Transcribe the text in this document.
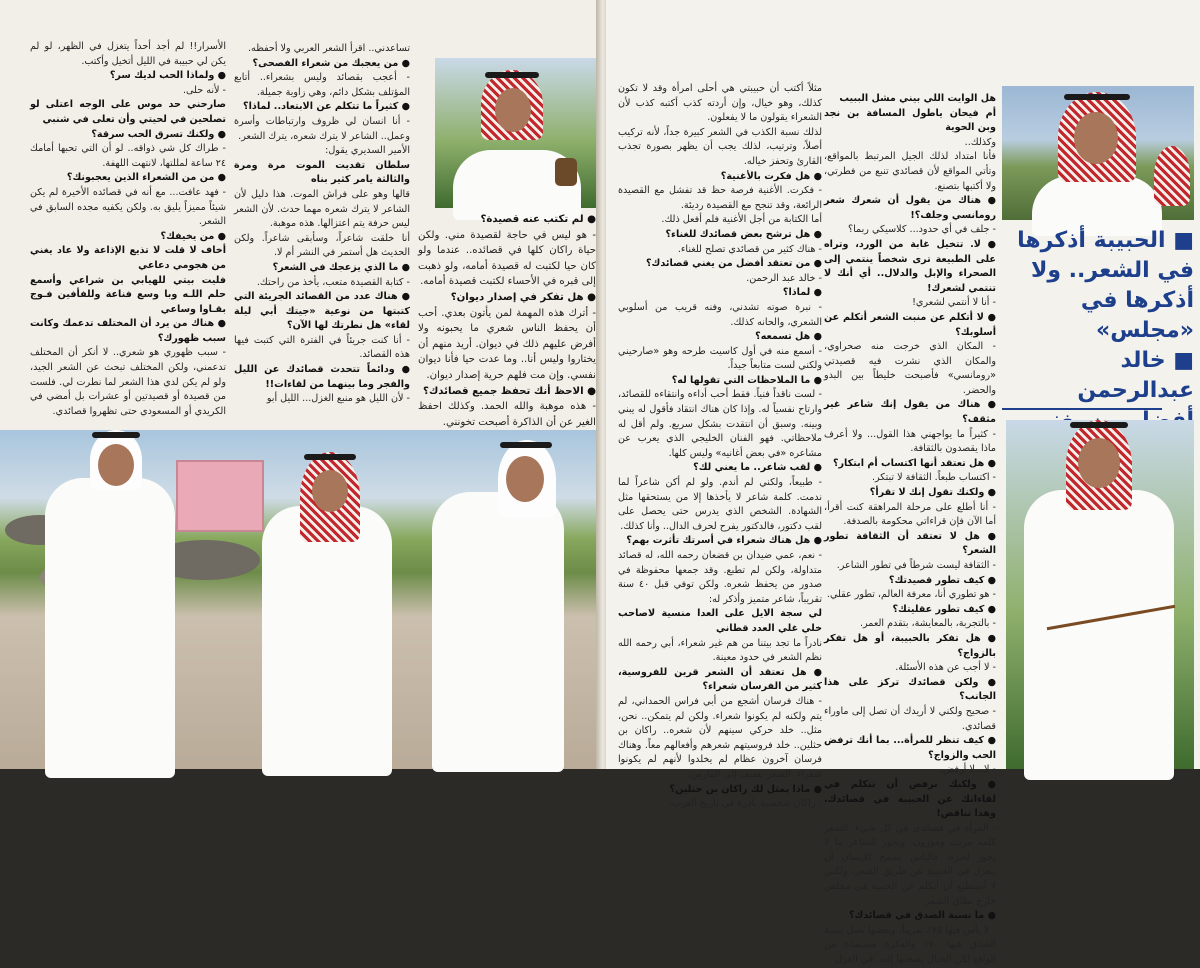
● لم تكتب عنه قصيدة؟

- هو ليس في حاجة لقصيدة مني. ولكن حياة راكان كلها في قصائده.. عندما ولو كان حيا لكتبت له قصيدة أمامه، ولو ذهبت إلى قبره في الأحساء لكتبت قصيدة أمامه.

● هل تفكر في إصدار ديوان؟

- أترك هذه المهمة لمن يأتون بعدي. أحب أن يحفظ الناس شعري ما يحبونه ولا أفرض عليهم ذلك في ديوان. أريد منهم أن يختاروا وليس أنا.. وما عدت حيا فأنا ديوان نفسي. وإن مت فلهم حرية إصدار ديوان.

● الاحظ أنك تحفظ جميع قصائدك؟

- هذه موهبة والله الحمد. وكذلك احفظ الغير عن أن الذاكرة أصبحت تخونني.

تساعدني.. اقرأ الشعر العربي ولا أحفظه.

● من يعجبك من شعراء الفصحى؟

- أعجب بقصائد وليس بشعراء.. أتابع المؤتلف بشكل دائم، وهي زاوية جميلة.

● كثيراً ما تتكلم عن الابتعاد.. لماذا؟

- أنا انسان لي ظروف وارتباطات وأسرة وعمل.. الشاعر لا يترك شعره، يترك الشعر.

الأمير السديري يقول:

سلطان تقديت الموت مرة ومرة والثالثة يامر كثير بناه

قالها وهو على فراش الموت. هذا دليل لأن الشاعر لا يترك شعره مهما حدث. لأن الشعر ليس حرفة يتم اعتزالها. هذه موهبة.

أنا خلقت شاعراً، وسأبقى شاعراً. ولكن الحديث هل أستمر في النشر أم لا.

● ما الذي يزعجك في الشعر؟

- كتابة القصيدة متعب، يأخذ من راحتك.

● هناك عدد من القصائد الجريئة التي كتبتها من نوعية «جيتك أبي ليلة لقاء» هل نطرتك لها الآن؟

- أنا كنت جريئاً في الفترة التي كتبت فيها هذه القصائد.

● ودائماً تتحدث قصائدك عن الليل والفجر وما بينهما من لقاءات!!

- لأن الليل هو منبع الغزل... الليل أبو

الأسرار!! لم أجد أحداً يتغزل في الظهر، لو لم يكن لي حبيبة في الليل أتخيل وأكتب.

● ولماذا الحب لديك سر؟

- لأنه حلى.

صارحني حد موس على الوجه اعتلى لو تصلحين في لحيتي وأن تعلى في شنبي

● ولكنك تسرق الحب سرقة؟

- طراك كل شي ذواقه.. لو أن التي تحبها أمامك ٢٤ ساعة لمللتها، لانتهت اللهفة.

● من من الشعراء الذين يعجبونك؟

- فهد عافت... مع أنه في قصائده الأخيرة لم يكن شيئاً مميزاً يليق به. ولكن يكفيه مجده السابق في الشعر.

● من يخيفك؟

أخاف لا قلت لا تذيع الإذاعة ولا عاد يغني من هجومي دعاعي

فليت بيتي للهيابي بن شراعي وأسمع حلم اللـه وبا وسع فناعة وللفأفين فـوج بقـاوا وساعي

● هناك من يرد أن المختلف تدعمك وكانت سبب ظهورك؟

- سبب ظهوري هو شعري.. لا أنكر أن المختلف تدعمني، ولكن المختلف تبحث عن الشعر الجيد، ولو لم يكن لدي هذا الشعر لما نطرت لي. فلست من قصيدة أو قصيدتين أو عشرات بل أمضي في الكريدي أو المسعودي حتى تظهروا قصائدي.

مثلاً أكتب أن حبيبتي هي أحلى امرأة وقد لا تكون كذلك، وهو خيال، وإن أردته كذب أكتبه كذب لأن الشعراء يقولون ما لا يفعلون.

لذلك نسبة الكذب في الشعر كبيرة جداً، لأنه تركيب أصلاً، وترتيب، لذلك يجب أن يظهر بصورة تجذب القارئ وتحفز خياله.

● هل فكرت بالأغنية؟

- فكرت. الأغنية فرصة حظ قد تفشل مع القصيدة الرائعة، وقد تنجح مع القصيدة رديئة.

أما الكتابة من أجل الأغنية فلم أفعل ذلك.

● هل ترشح بعض قصائدك للغناء؟

- هناك كثير من قصائدي تصلح للغناء.

● من تعتقد أفضل من يغني قصائدك؟

- خالد عبد الرحمن.

● لماذا؟

- نبرة صوته تشدني، وفنه قريب من أسلوبي الشعري، والحانه كذلك.

● هل تسمعه؟

- أسمع منه في أول كاسيت طرحه وهو «صارحيني ولكني لست متابعاً جيداً.

● ما الملاحظات التي تقولها له؟

- لست ناقداً فنياً. فقط أحب أداءه وانتقاءه للقصائد، وارتاح نفسياً له. وإذا كان هناك انتقاد فأقول له يبني وبينه. وسبق أن انتقدت بشكل سريع. ولم أقل له ملاحظاتي. فهو الفنان الخليجي الذي يعرب عن مشاعره «في بعض أغانيه» وليس كلها.

● لقب شاعر.. ما يعني لك؟

- طبيعاً، ولكني لم أندم. ولو لم أكن شاعراً لما ندمت. كلمة شاعر لا يأخذها إلا من يستحقها مثل الشهادة. الشخص الذي يدرس حتى يحصل على لقب دكتور، فالدكتور يفرح لحرف الدال.. وأنا كذلك.

● هل هناك شعراء في أسرتك تأثرت بهم؟

- نعم، عمي ضيدان بن قضعان رحمه الله، له قصائد متداولة، ولكن لم تطبع. وقد جمعها محفوظة في صدور من يحفظ شعره. ولكن توفي قبل ٤٠ سنة تقريباً، شاعر متميز وأذكر له:

لي سجة الايل على العدا منسية لاصاحب خلي غلي العدد قطاني

نادراً ما تجد بيتنا من هم غير شعراء، أبي رحمه الله نظم الشعر في حدود معينة.

● هل تعتقد أن الشعر قرين للفروسية، كثير من الفرسان شعراء؟

- هناك فرسان أشجع من أبي فراس الحمداني، لم يتم ولكنه لم يكونوا شعراء. ولكن لم يتمكن.. نحن، مثل.. خلد حركي سينهم لأن شعره.. راكان بن حثلين.. خلد فروسيتهم شعرهم وأفعالهم معاً. وهناك فرسان آخرون عظام لم يخلدوا لأنهم لم يكونوا شعراء. الشعر يضيف إلى الفارس.

● ماذا يمثل لك راكان بن حثلين؟

- راكان شخصية نادرة في تاريخ العرب،

هل الوايت اللي بيني مشل الببيب

أم فيحان ياطول المسافة بن نجد وبن الحوية

وكذلك..

فأنا امتداد لذلك الجيل المرتبط بالمواقع، وتأتي المواقع لأن قصائدي تنبع من فطرتي، ولا أكتبها بتصنع.

● هناك من يقول أن شعرك شعر رومانسي وجلف؟!

- جلف في أي حدود... كلاسيكي ربما؟

● لا. تتخيل غابة من الورد، وتراه على الطبيعة ترى شخصاً ينتمي إلى الصحراء والإبل والدلال.. أي أنك لا تنتمي لشعرك!

- أنا لا أنتمي لشعري!

● لا أتكلم عن منبت الشعر أتكلم عن أسلوبك؟

- المكان الذي خرجت منه صحراوي، والمكان الذي نشرت فيه قصيدتي «رومانسي» فأصبحت خليطاً بين البدو والحضر.

● هناك من يقول إنك شاعر غير مثقف؟

- كثيراً ما يواجهني هذا القول... ولا أعرف ماذا يقصدون بالثقافة.

● هل تعتقد أنها اكتساب أم ابتكار؟

- اكتساب طبعاً. الثقافة لا تبتكر.

● ولكنك تقول إنك لا تقرأ؟

- أنا أطلع على مرحلة المراهقة كنت أقرأ، أما الآن فإن قراءاتي محكومة بالصدفة.

● هل لا تعتقد أن الثقافة تطور الشعر؟

- الثقافة ليست شرطاً في تطور الشاعر.

● كيف تطور قصيدتك؟

- هو تطوري أنا، معرفة العالم، تطور عقلي.

● كيف تطور عقليتك؟

- بالتجربة، بالمعايشة، بتقدم العمر.

● هل تفكر بالحبيبة، أو هل تفكر بالزواج؟

- لا أجب عن هذه الأسئلة.

● ولكن قصائدك تركز على هذا الجانب؟

- صحيح ولكني لا أريدك أن تصل إلى ماوراء قصائدي.

● كيف تنظر للمرأة... بما أنك ترفض الحب والزواج؟

- لا.. لا أرفض.

● ولكنك ترفض أن تتكلم في لقاءاتك عن الحبيبة في قصائدك. وهذا تناقض!

- المرأة في قصائدي هي كل شيء. الشعر كلمه مرتب وموزون، ويجوز للشاعر ما لا يجوز لغيره. فالناس تسمح للإنسان أن يتغزل في الحبيبة عن طريق الشعر، ولكني لا أستطيع أن أتكلم عن الحبيبة في مجلس خارج نطاق الشعر.

● ما نسبة الصدق في قصائدك؟

- لا بأس فيها ٧٥٪ تقريباً، وبعضها يصل نسبة الصدق فيها ٧٠٪ والفكرة مستمدة من الواقع لكن الخيال يسحبها إليه. في الغزل

■ الحبيبة أذكرها
في الشعر.. ولا
أذكرها في «مجلس»
■ خالد عبدالرحمن
